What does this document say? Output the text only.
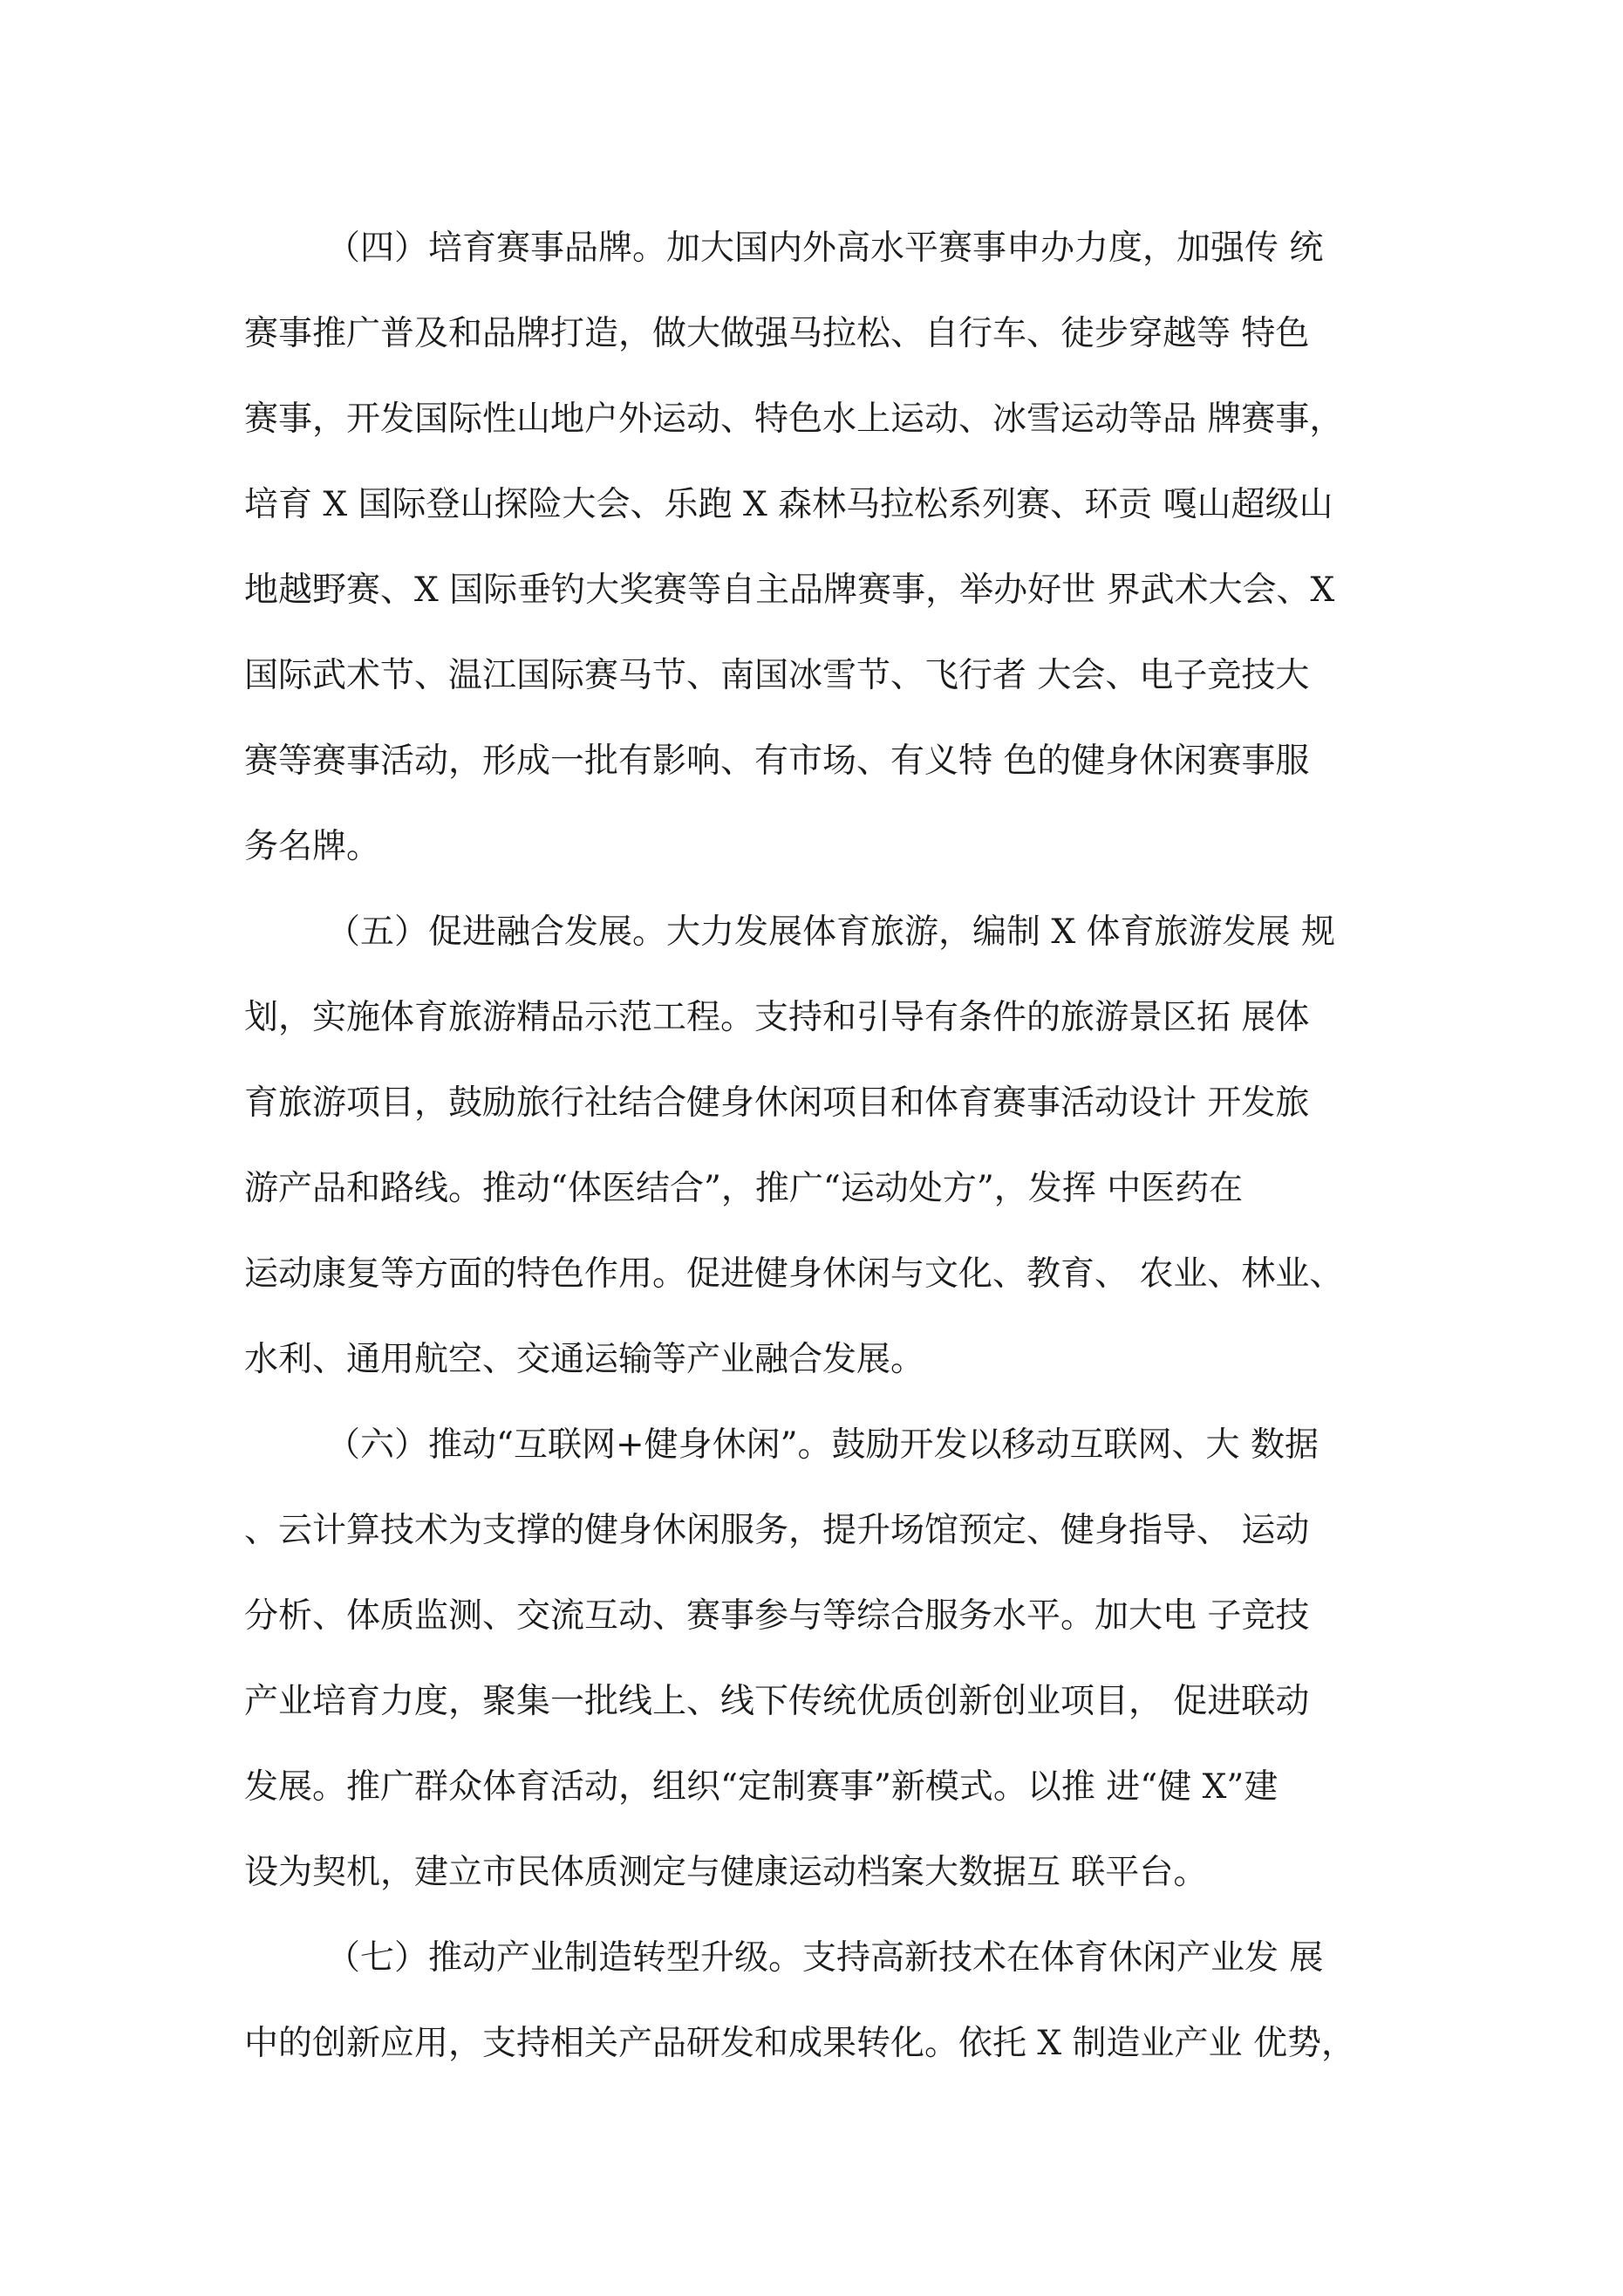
（四）培育赛事品牌。加大国内外高水平赛事申办力度，加强传 统
赛事推广普及和品牌打造，做大做强马拉松、自行车、徒步穿越等 特色
赛事，开发国际性山地户外运动、特色水上运动、冰雪运动等品 牌赛事，
培育 X 国际登山探险大会、乐跑 X 森林马拉松系列赛、环贡 嘎山超级山
地越野赛、X 国际垂钓大奖赛等自主品牌赛事，举办好世 界武术大会、X
国际武术节、温江国际赛马节、南国冰雪节、飞行者 大会、电子竞技大
赛等赛事活动，形成一批有影响、有市场、有义特 色的健身休闲赛事服
务名牌。
（五）促进融合发展。大力发展体育旅游，编制 X 体育旅游发展 规
划，实施体育旅游精品示范工程。支持和引导有条件的旅游景区拓 展体
育旅游项目，鼓励旅行社结合健身休闲项目和体育赛事活动设计 开发旅
游产品和路线。推动“体医结合”，推广“运动处方”，发挥 中医药在
运动康复等方面的特色作用。促进健身休闲与文化、教育、 农业、林业、
水利、通用航空、交通运输等产业融合发展。
（六）推动“互联网+健身休闲”。鼓励开发以移动互联网、大 数据
、云计算技术为支撑的健身休闲服务，提升场馆预定、健身指导、 运动
分析、体质监测、交流互动、赛事参与等综合服务水平。加大电 子竞技
产业培育力度，聚集一批线上、线下传统优质创新创业项目， 促进联动
发展。推广群众体育活动，组织“定制赛事”新模式。以推 进“健 X”建
设为契机，建立市民体质测定与健康运动档案大数据互 联平台。
（七）推动产业制造转型升级。支持高新技术在体育休闲产业发 展
中的创新应用，支持相关产品研发和成果转化。依托 X 制造业产业 优势，
